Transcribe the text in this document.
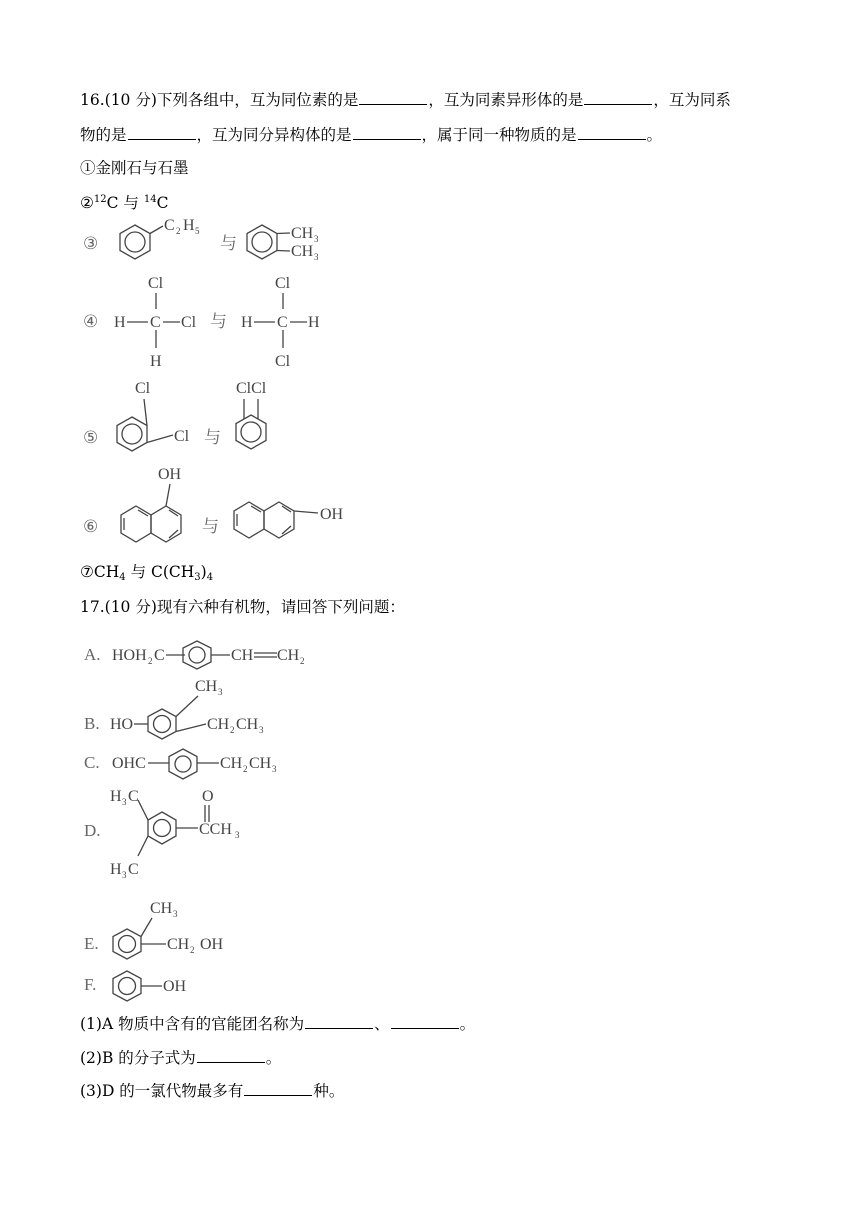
16.(10 分)下列各组中，互为同位素的是	，互为同素异形体的是	，互为同系
物的是	，互为同分异构体的是	，属于同一种物质的是	。
①金刚石与石墨
②$^{12}$C 与 $^{14}$C
③
C 2 H 5
与
CH 3
CH 3
④
Cl
H C Cl
H
与
Cl
H C H
Cl
⑤
Cl
Cl 与
ClCl
⑥
OH
与
OH
$⑦CH_4$ 与 $C(CH_3)_4$
17.(10 分)现有六种有机物，请回答下列问题：
A. HOH 2 C	CH CH 2
CH 3
B. HO	CH 2 CH 3
C. OHC	CH 2 CH 3
H 3 C	O
D.	CCH 3
H 3 C
CH 3
E.	CH 2 OH
F.	OH
(1)A 物质中含有的官能团名称为	、	。
(2)B 的分子式为	。
(3)D 的一氯代物最多有	种。
